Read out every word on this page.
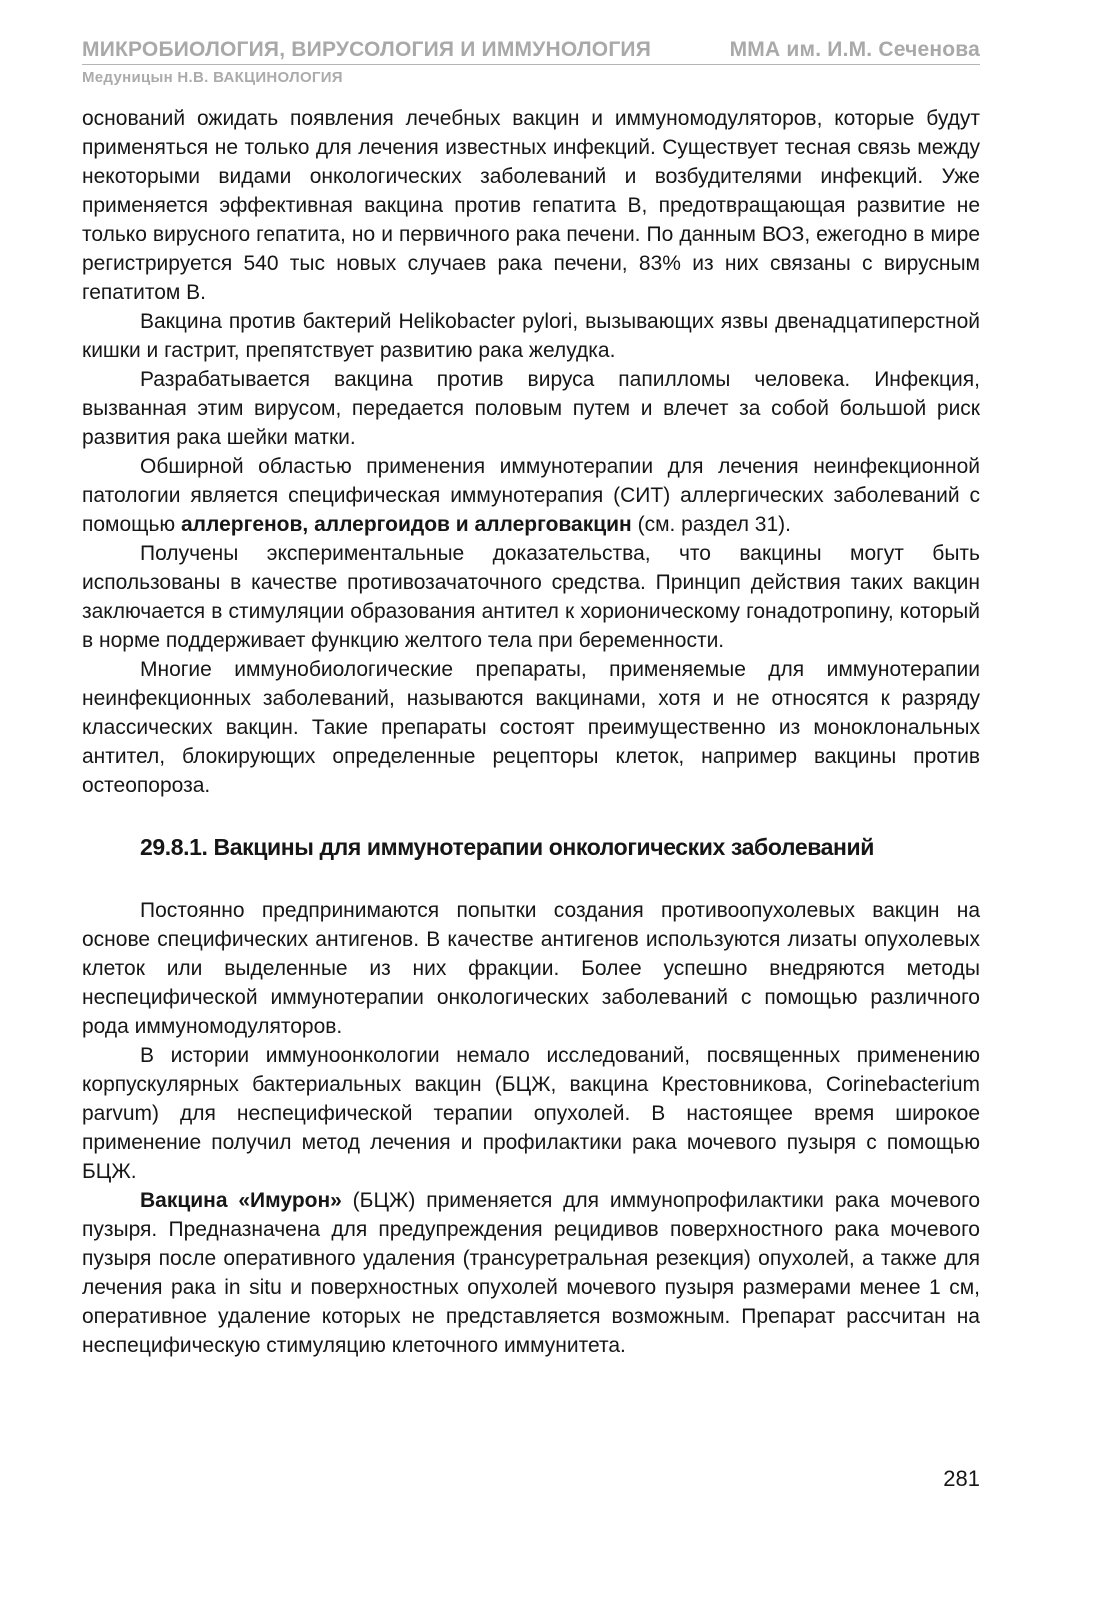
МИКРОБИОЛОГИЯ, ВИРУСОЛОГИЯ И ИММУНОЛОГИЯ	ММА им. И.М. Сеченова
Медуницын Н.В. ВАКЦИНОЛОГИЯ

оснований ожидать появления лечебных вакцин и иммуномодуляторов, которые будут применяться не только для лечения известных инфекций. Существует тесная связь между некоторыми видами онкологических заболеваний и возбудителями инфекций. Уже применяется эффективная вакцина против гепатита В, предотвращающая развитие не только вирусного гепатита, но и первичного рака печени. По данным ВОЗ, ежегодно в мире регистрируется 540 тыс новых случаев рака печени, 83% из них связаны с вирусным гепатитом В.

Вакцина против бактерий Helikobacter pylori, вызывающих язвы двенадцатиперстной кишки и гастрит, препятствует развитию рака желудка.

Разрабатывается вакцина против вируса папилломы человека. Инфекция, вызванная этим вирусом, передается половым путем и влечет за собой большой риск развития рака шейки матки.

Обширной областью применения иммунотерапии для лечения неинфекционной патологии является специфическая иммунотерапия (СИТ) аллергических заболеваний с помощью аллергенов, аллергоидов и аллерговакцин (см. раздел 31).

Получены экспериментальные доказательства, что вакцины могут быть использованы в качестве противозачаточного средства. Принцип действия таких вакцин заключается в стимуляции образования антител к хорионическому гонадотропину, который в норме поддерживает функцию желтого тела при беременности.

Многие иммунобиологические препараты, применяемые для иммунотерапии неинфекционных заболеваний, называются вакцинами, хотя и не относятся к разряду классических вакцин. Такие препараты состоят преимущественно из моноклональных антител, блокирующих определенные рецепторы клеток, например вакцины против остеопороза.

29.8.1. Вакцины для иммунотерапии онкологических заболеваний

Постоянно предпринимаются попытки создания противоопухолевых вакцин на основе специфических антигенов. В качестве антигенов используются лизаты опухолевых клеток или выделенные из них фракции. Более успешно внедряются методы неспецифической иммунотерапии онкологических заболеваний с помощью различного рода иммуномодуляторов.

В истории иммуноонкологии немало исследований, посвященных применению корпускулярных бактериальных вакцин (БЦЖ, вакцина Крестовникова, Corinebacterium parvum) для неспецифической терапии опухолей. В настоящее время широкое применение получил метод лечения и профилактики рака мочевого пузыря с помощью БЦЖ.

Вакцина «Имурон» (БЦЖ) применяется для иммунопрофилактики рака мочевого пузыря. Предназначена для предупреждения рецидивов поверхностного рака мочевого пузыря после оперативного удаления (трансуретральная резекция) опухолей, а также для лечения рака in situ и поверхностных опухолей мочевого пузыря размерами менее 1 см, оперативное удаление которых не представляется возможным. Препарат рассчитан на неспецифическую стимуляцию клеточного иммунитета.

281
